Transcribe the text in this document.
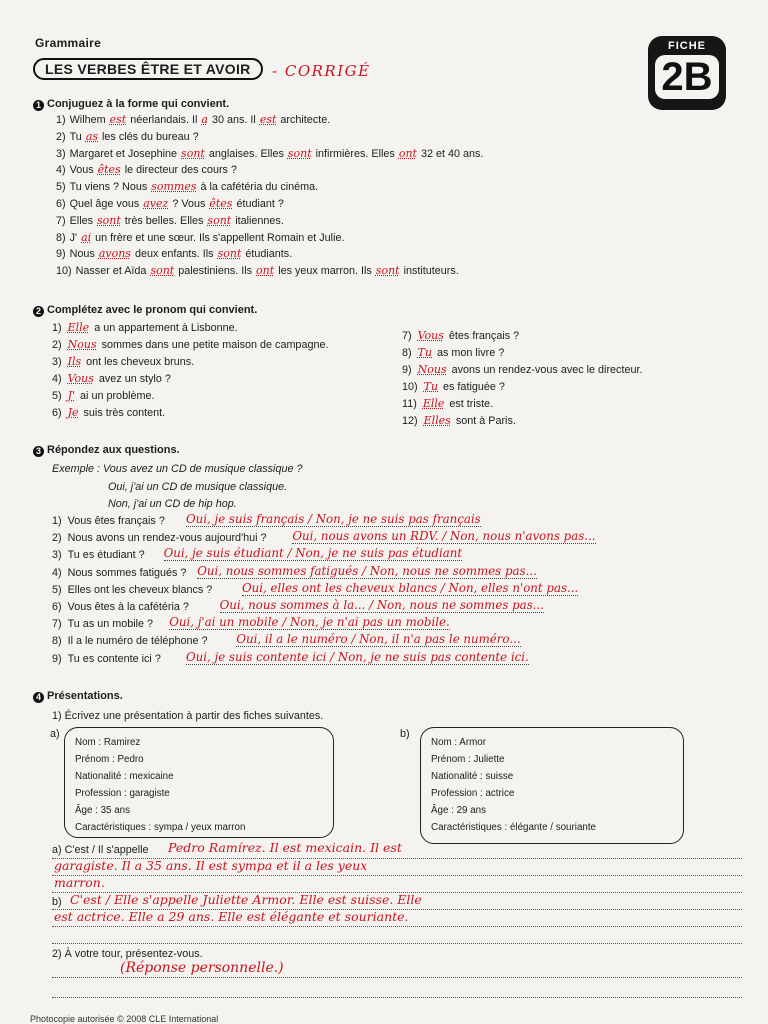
Grammaire
LES VERBES ÊTRE ET AVOIR	- CORRIGÉ
FICHE
2B
1 Conjuguez à la forme qui convient.
1) Wilhem est néerlandais. Il a 30 ans. Il est architecte.
2) Tu as les clés du bureau ?
3) Margaret et Josephine sont anglaises. Elles sont infirmières. Elles ont 32 et 40 ans.
4) Vous êtes le directeur des cours ?
5) Tu viens ? Nous sommes à la cafétéria du cinéma.
6) Quel âge vous avez ? Vous êtes étudiant ?
7) Elles sont très belles. Elles sont italiennes.
8) J' ai un frère et une sœur. Ils s'appellent Romain et Julie.
9) Nous avons deux enfants. Ils sont étudiants.
10) Nasser et Aïda sont palestiniens. Ils ont les yeux marron. Ils sont instituteurs.
2 Complétez avec le pronom qui convient.
1) Elle a un appartement à Lisbonne.
2) Nous sommes dans une petite maison de campagne.
3) Ils ont les cheveux bruns.
4) Vous avez un stylo ?
5) J' ai un problème.
6) Je suis très content.
7) Vous êtes français ?
8) Tu as mon livre ?
9) Nous avons un rendez-vous avec le directeur.
10) Tu es fatiguée ?
11) Elle est triste.
12) Elles sont à Paris.
3 Répondez aux questions.
Exemple : Vous avez un CD de musique classique ?
Oui, j'ai un CD de musique classique.
Non, j'ai un CD de hip hop.
1) Vous êtes français ? Oui, je suis français / Non, je ne suis pas français
2) Nous avons un rendez-vous aujourd'hui ? Oui, nous avons un RDV. / Non, nous n'avons pas...
3) Tu es étudiant ? Oui, je suis étudiant / Non, je ne suis pas étudiant
4) Nous sommes fatigués ? Oui, nous sommes fatigués / Non, nous ne sommes pas...
5) Elles ont les cheveux blancs ?	Oui, elles ont les cheveux blancs / Non, elles n'ont pas...
6) Vous êtes à la cafétéria ?	Oui, nous sommes à la... / Non, nous ne sommes pas...
7) Tu as un mobile ? Oui, j'ai un mobile / Non, je n'ai pas un mobile.
8) Il a le numéro de téléphone ? Oui, il a le numéro / Non, il n'a pas le numéro...
9) Tu es contente ici ? Oui, je suis contente ici / Non, je ne suis pas contente ici.
4 Présentations.
1) Écrivez une présentation à partir des fiches suivantes.
a)
Nom : Ramirez
Prénom : Pedro
Nationalité : mexicaine
Profession : garagiste
Âge : 35 ans
Caractéristiques : sympa / yeux marron
b)
Nom : Armor
Prénom : Juliette
Nationalité : suisse
Profession : actrice
Âge : 29 ans
Caractéristiques : élégante / souriante
a) C'est / Il s'appelle Pedro Ramírez. Il est mexicain. Il est
garagiste. Il a 35 ans. Il est sympa et il a les yeux
marron.
b) C'est / Elle s'appelle Juliette Armor. Elle est suisse. Elle
est actrice. Elle a 29 ans. Elle est élégante et souriante.
2) À votre tour, présentez-vous.
(Réponse personnelle.)
Photocopie autorisée © 2008 CLE International
